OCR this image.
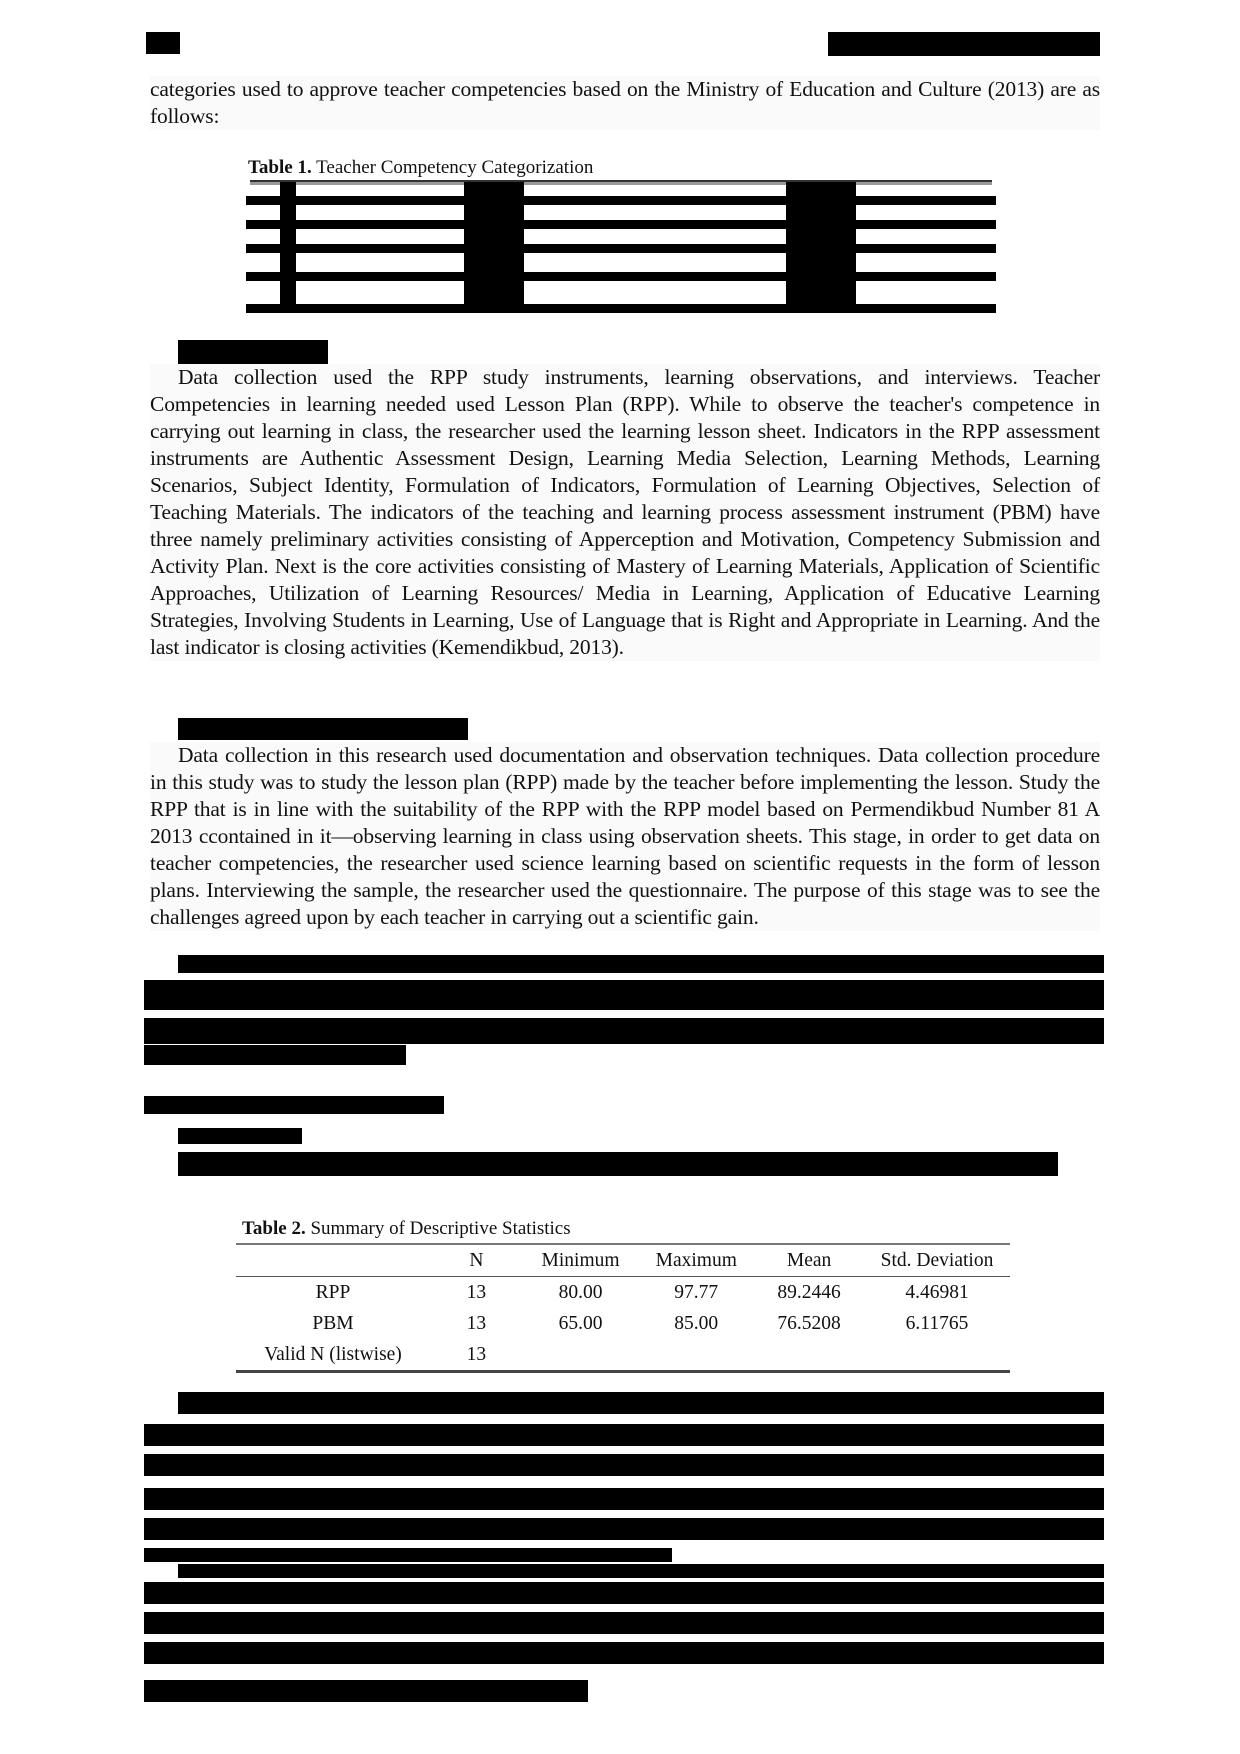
categories used to approve teacher competencies based on the Ministry of Education and Culture (2013) are as follows:
Table 1. Teacher Competency Categorization
Data collection used the RPP study instruments, learning observations, and interviews. Teacher Competencies in learning needed used Lesson Plan (RPP). While to observe the teacher's competence in carrying out learning in class, the researcher used the learning lesson sheet. Indicators in the RPP assessment instruments are Authentic Assessment Design, Learning Media Selection, Learning Methods, Learning Scenarios, Subject Identity, Formulation of Indicators, Formulation of Learning Objectives, Selection of Teaching Materials. The indicators of the teaching and learning process assessment instrument (PBM) have three namely preliminary activities consisting of Apperception and Motivation, Competency Submission and Activity Plan. Next is the core activities consisting of Mastery of Learning Materials, Application of Scientific Approaches, Utilization of Learning Resources/ Media in Learning, Application of Educative Learning Strategies, Involving Students in Learning, Use of Language that is Right and Appropriate in Learning. And the last indicator is closing activities (Kemendikbud, 2013).
Data collection in this research used documentation and observation techniques. Data collection procedure in this study was to study the lesson plan (RPP) made by the teacher before implementing the lesson. Study the RPP that is in line with the suitability of the RPP with the RPP model based on Permendikbud Number 81 A 2013 ccontained in it—observing learning in class using observation sheets. This stage, in order to get data on teacher competencies, the researcher used science learning based on scientific requests in the form of lesson plans. Interviewing the sample, the researcher used the questionnaire. The purpose of this stage was to see the challenges agreed upon by each teacher in carrying out a scientific gain.
Table 2. Summary of Descriptive Statistics
	N	Minimum	Maximum	Mean	Std. Deviation
RPP	13	80.00	97.77	89.2446	4.46981
PBM	13	65.00	85.00	76.5208	6.11765
Valid N (listwise)	13				
